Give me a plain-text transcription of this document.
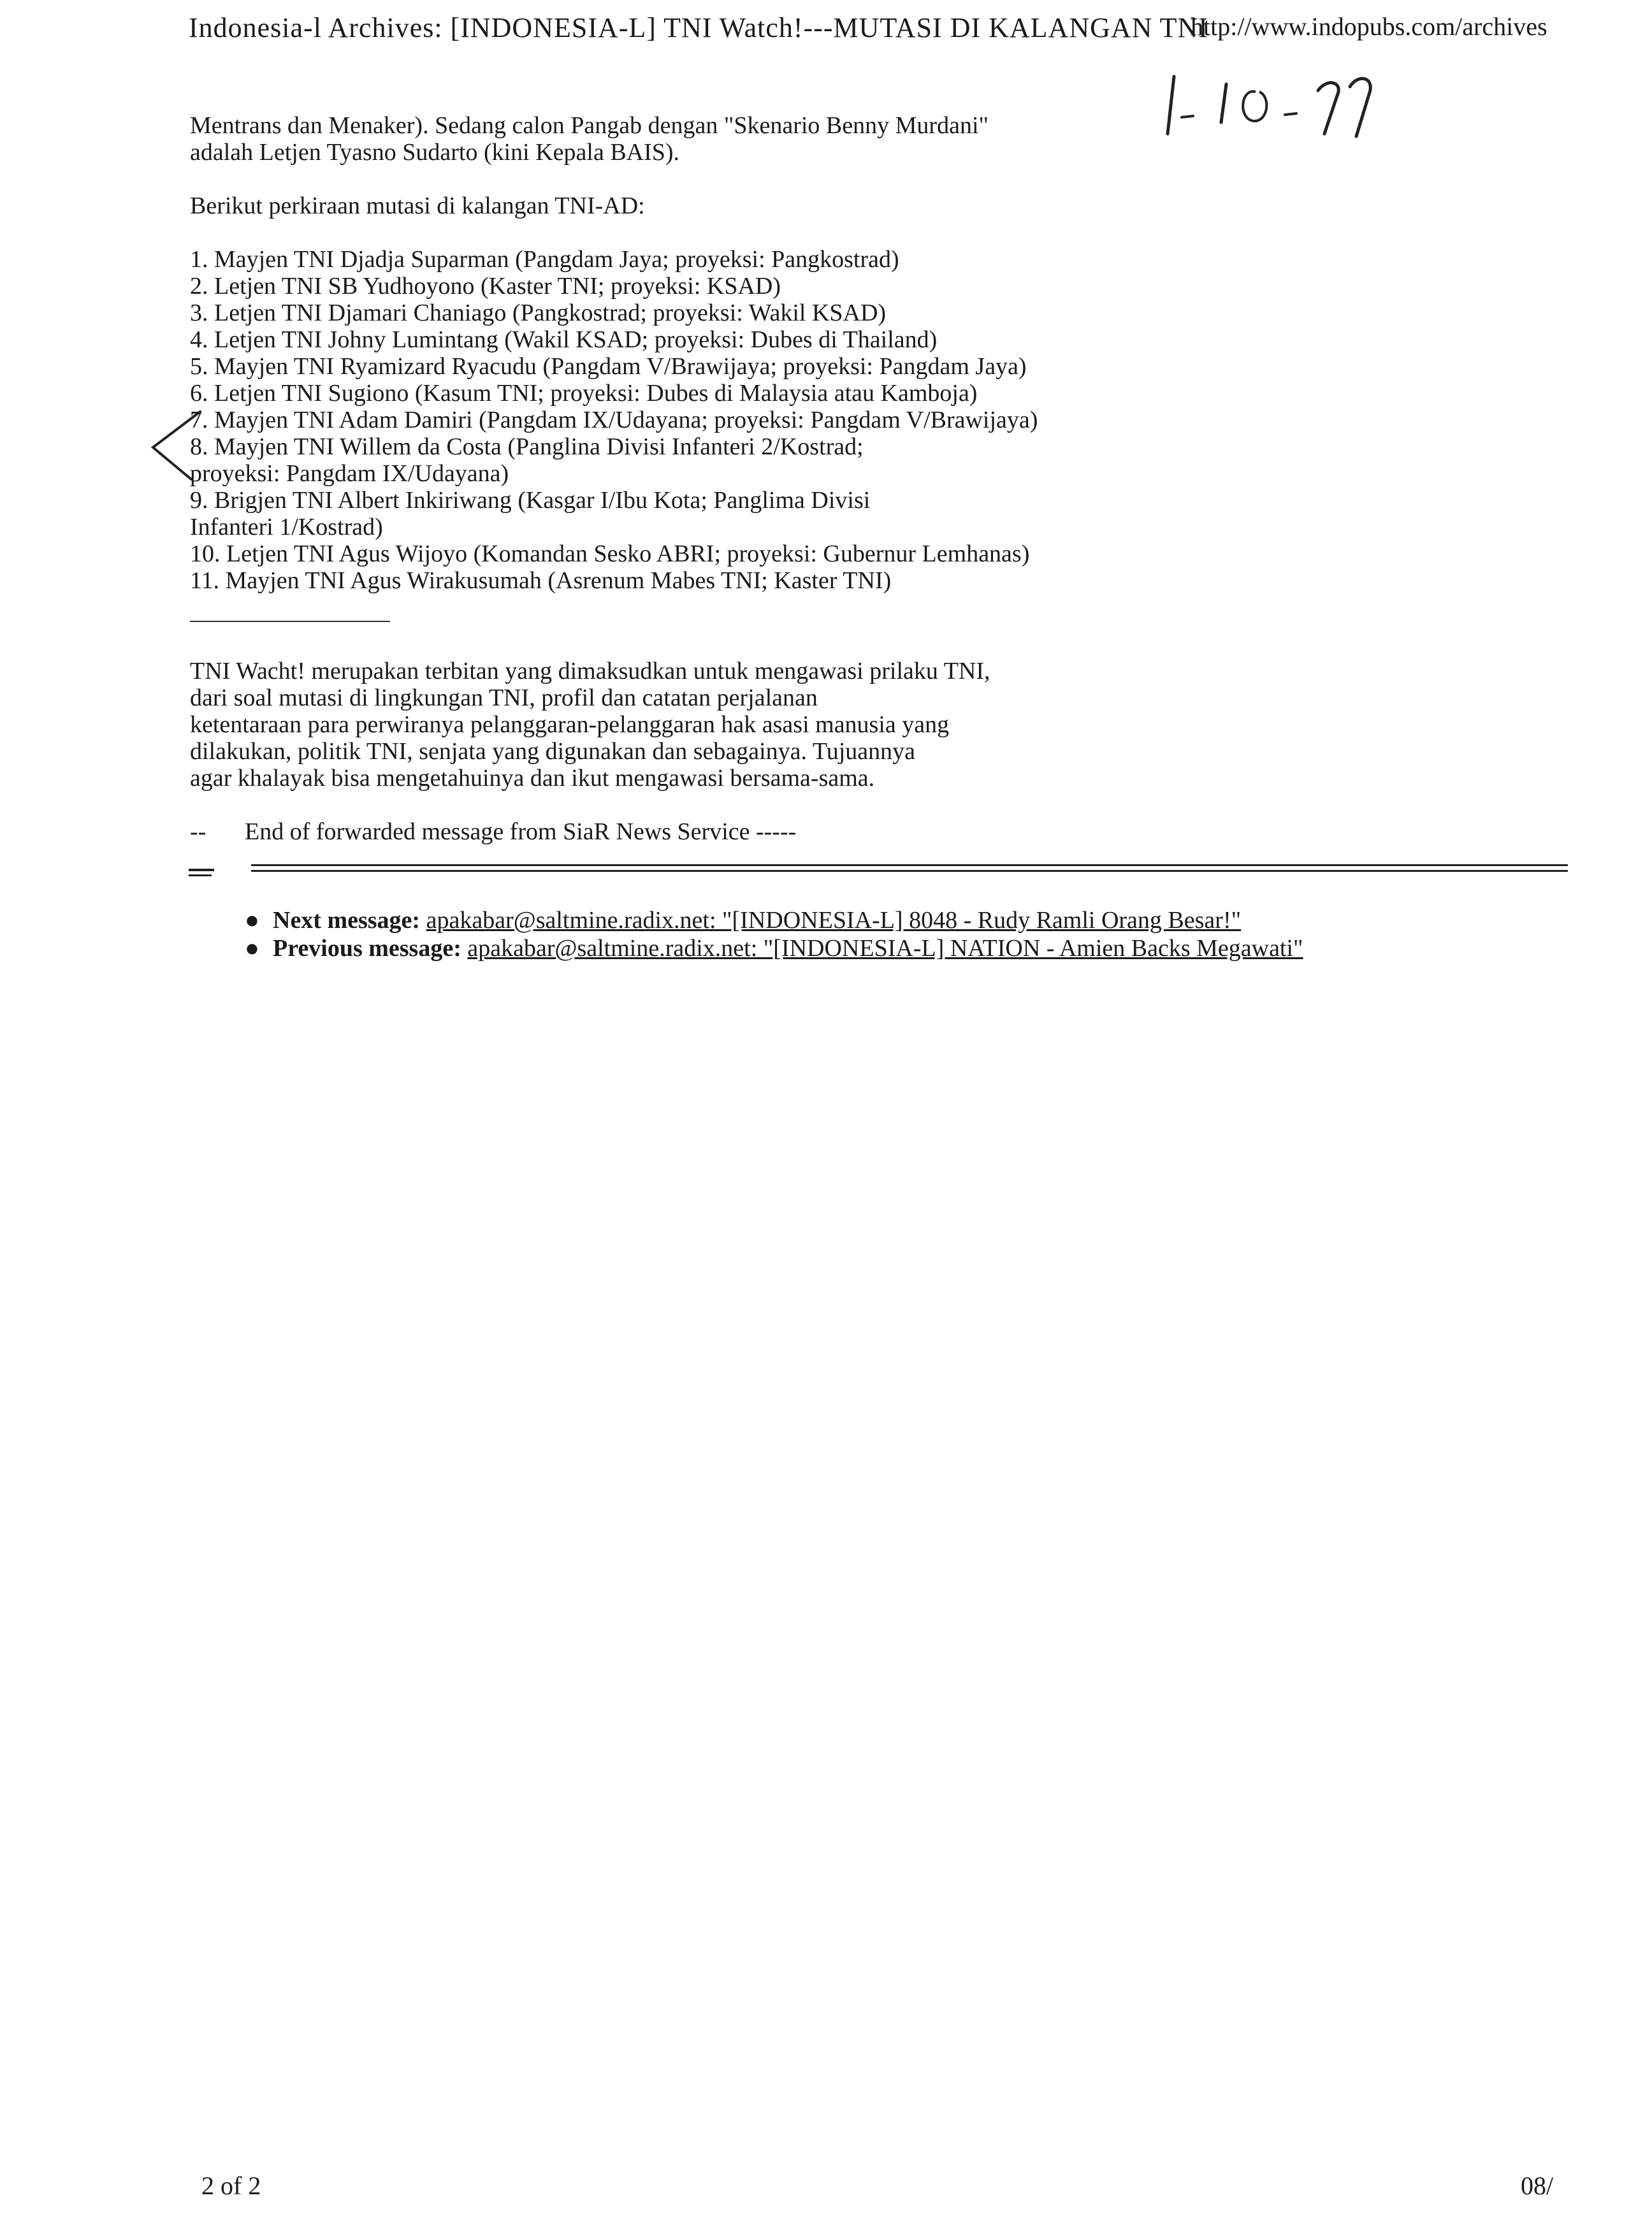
Indonesia-l Archives: [INDONESIA-L] TNI Watch!---MUTASI DI KALANGAN TNI
http://www.indopubs.com/archives

Mentrans dan Menaker). Sedang calon Pangab dengan "Skenario Benny Murdani"
adalah Letjen Tyasno Sudarto (kini Kepala BAIS).

Berikut perkiraan mutasi di kalangan TNI-AD:

1. Mayjen TNI Djadja Suparman (Pangdam Jaya; proyeksi: Pangkostrad)
2. Letjen TNI SB Yudhoyono (Kaster TNI; proyeksi: KSAD)
3. Letjen TNI Djamari Chaniago (Pangkostrad; proyeksi: Wakil KSAD)
4. Letjen TNI Johny Lumintang (Wakil KSAD; proyeksi: Dubes di Thailand)
5. Mayjen TNI Ryamizard Ryacudu (Pangdam V/Brawijaya; proyeksi: Pangdam Jaya)
6. Letjen TNI Sugiono (Kasum TNI; proyeksi: Dubes di Malaysia atau Kamboja)
7. Mayjen TNI Adam Damiri (Pangdam IX/Udayana; proyeksi: Pangdam V/Brawijaya)
8. Mayjen TNI Willem da Costa (Panglina Divisi Infanteri 2/Kostrad;
proyeksi: Pangdam IX/Udayana)
9. Brigjen TNI Albert Inkiriwang (Kasgar I/Ibu Kota; Panglima Divisi
Infanteri 1/Kostrad)
10. Letjen TNI Agus Wijoyo (Komandan Sesko ABRI; proyeksi: Gubernur Lemhanas)
11. Mayjen TNI Agus Wirakusumah (Asrenum Mabes TNI; Kaster TNI)

TNI Wacht! merupakan terbitan yang dimaksudkan untuk mengawasi prilaku TNI,
dari soal mutasi di lingkungan TNI, profil dan catatan perjalanan
ketentaraan para perwiranya pelanggaran-pelanggaran hak asasi manusia yang
dilakukan, politik TNI, senjata yang digunakan dan sebagainya. Tujuannya
agar khalayak bisa mengetahuinya dan ikut mengawasi bersama-sama.

-- End of forwarded message from SiaR News Service -----
● Next message: apakabar@saltmine.radix.net: "[INDONESIA-L] 8048 - Rudy Ramli Orang Besar!"
● Previous message: apakabar@saltmine.radix.net: "[INDONESIA-L] NATION - Amien Backs Megawati"
2 of 2	08/
